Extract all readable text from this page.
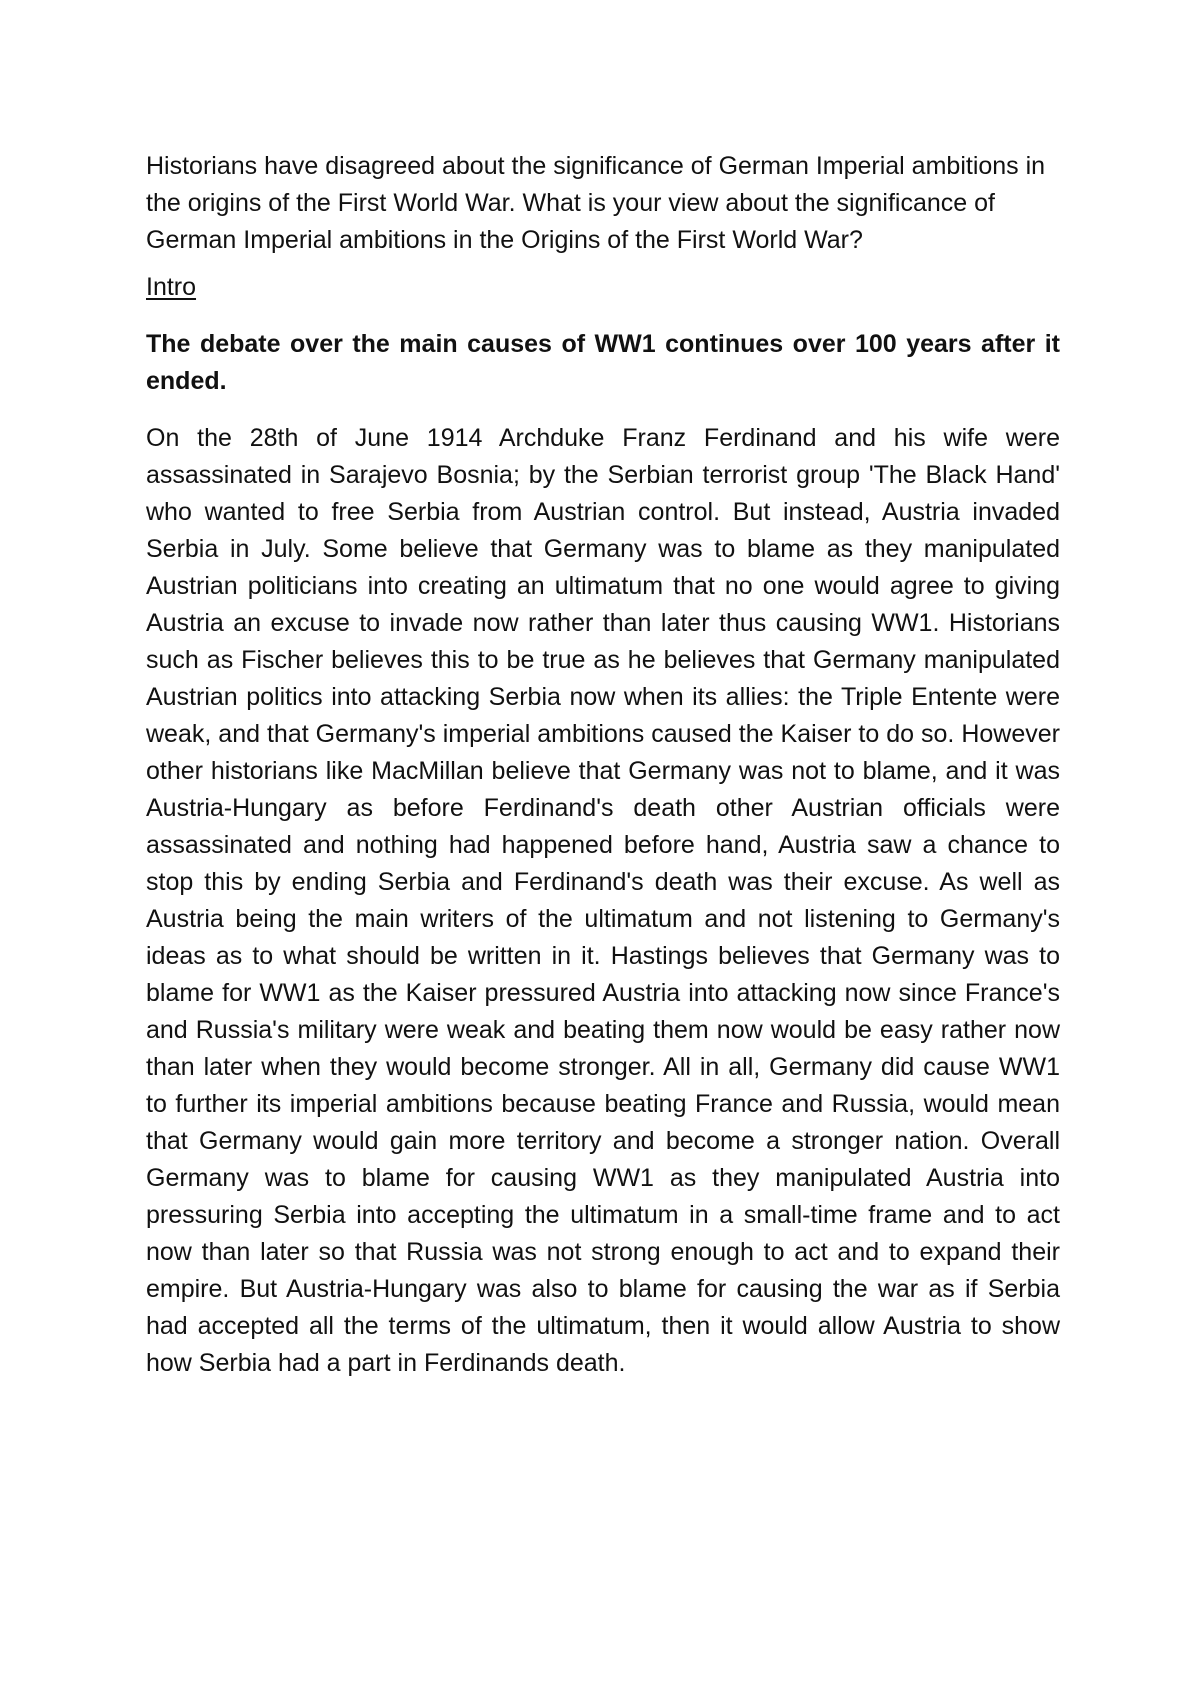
Historians have disagreed about the significance of German Imperial ambitions in the origins of the First World War. What is your view about the significance of German Imperial ambitions in the Origins of the First World War?

Intro

The debate over the main causes of WW1 continues over 100 years after it ended.

On the 28th of June 1914 Archduke Franz Ferdinand and his wife were assassinated in Sarajevo Bosnia; by the Serbian terrorist group 'The Black Hand' who wanted to free Serbia from Austrian control. But instead, Austria invaded Serbia in July. Some believe that Germany was to blame as they manipulated Austrian politicians into creating an ultimatum that no one would agree to giving Austria an excuse to invade now rather than later thus causing WW1. Historians such as Fischer believes this to be true as he believes that Germany manipulated Austrian politics into attacking Serbia now when its allies: the Triple Entente were weak, and that Germany's imperial ambitions caused the Kaiser to do so. However other historians like MacMillan believe that Germany was not to blame, and it was Austria-Hungary as before Ferdinand's death other Austrian officials were assassinated and nothing had happened before hand, Austria saw a chance to stop this by ending Serbia and Ferdinand's death was their excuse. As well as Austria being the main writers of the ultimatum and not listening to Germany's ideas as to what should be written in it. Hastings believes that Germany was to blame for WW1 as the Kaiser pressured Austria into attacking now since France's and Russia's military were weak and beating them now would be easy rather now than later when they would become stronger. All in all, Germany did cause WW1 to further its imperial ambitions because beating France and Russia, would mean that Germany would gain more territory and become a stronger nation. Overall Germany was to blame for causing WW1 as they manipulated Austria into pressuring Serbia into accepting the ultimatum in a small-time frame and to act now than later so that Russia was not strong enough to act and to expand their empire. But Austria-Hungary was also to blame for causing the war as if Serbia had accepted all the terms of the ultimatum, then it would allow Austria to show how Serbia had a part in Ferdinands death.
